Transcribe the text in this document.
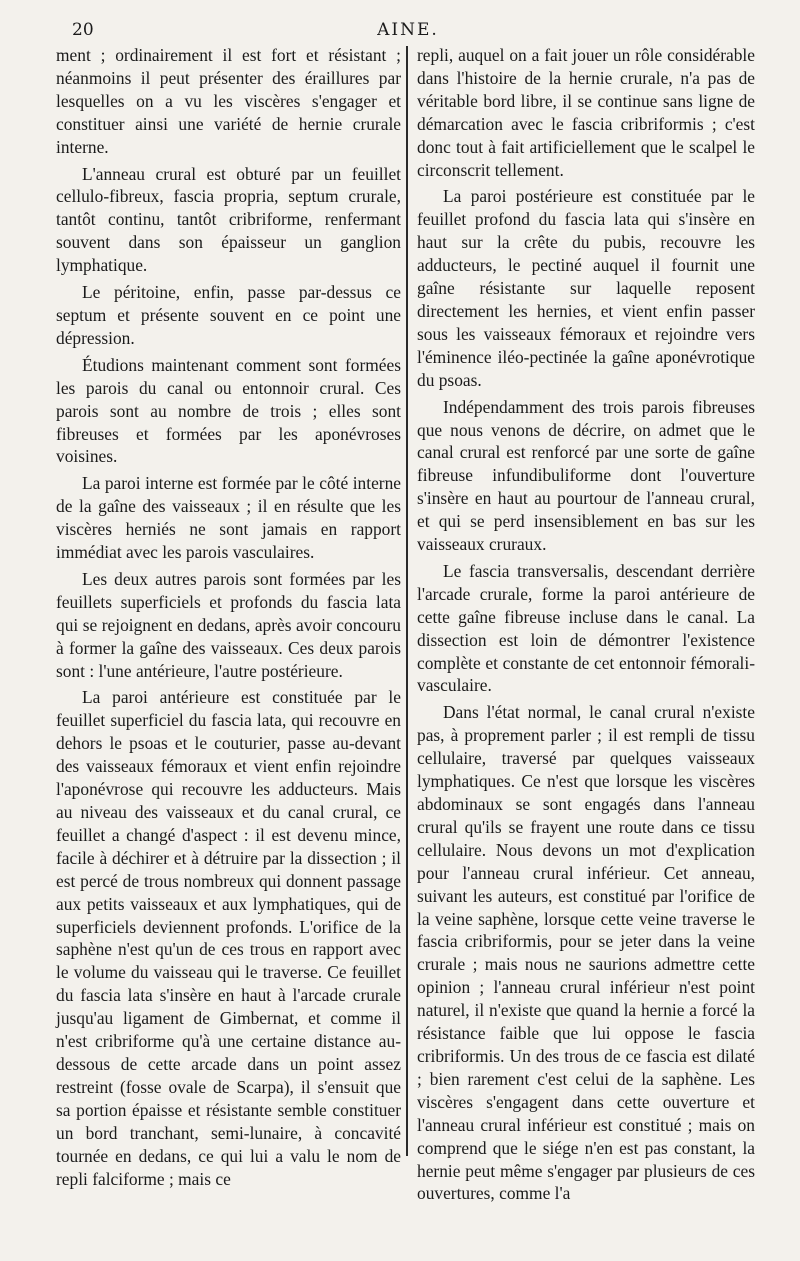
20	AINE.

ment ; ordinairement il est fort et résistant ; néanmoins il peut présenter des éraillures par lesquelles on a vu les viscères s'engager et constituer ainsi une variété de hernie crurale interne.

L'anneau crural est obturé par un feuillet cellulo-fibreux, fascia propria, septum crurale, tantôt continu, tantôt cribriforme, renfermant souvent dans son épaisseur un ganglion lymphatique.

Le péritoine, enfin, passe par-dessus ce septum et présente souvent en ce point une dépression.

Étudions maintenant comment sont formées les parois du canal ou entonnoir crural. Ces parois sont au nombre de trois ; elles sont fibreuses et formées par les aponévroses voisines.

La paroi interne est formée par le côté interne de la gaîne des vaisseaux ; il en résulte que les viscères herniés ne sont jamais en rapport immédiat avec les parois vasculaires.

Les deux autres parois sont formées par les feuillets superficiels et profonds du fascia lata qui se rejoignent en dedans, après avoir concouru à former la gaîne des vaisseaux. Ces deux parois sont : l'une antérieure, l'autre postérieure.

La paroi antérieure est constituée par le feuillet superficiel du fascia lata, qui recouvre en dehors le psoas et le couturier, passe au-devant des vaisseaux fémoraux et vient enfin rejoindre l'aponévrose qui recouvre les adducteurs. Mais au niveau des vaisseaux et du canal crural, ce feuillet a changé d'aspect : il est devenu mince, facile à déchirer et à détruire par la dissection ; il est percé de trous nombreux qui donnent passage aux petits vaisseaux et aux lymphatiques, qui de superficiels deviennent profonds. L'orifice de la saphène n'est qu'un de ces trous en rapport avec le volume du vaisseau qui le traverse. Ce feuillet du fascia lata s'insère en haut à l'arcade crurale jusqu'au ligament de Gimbernat, et comme il n'est cribriforme qu'à une certaine distance au-dessous de cette arcade dans un point assez restreint (fosse ovale de Scarpa), il s'ensuit que sa portion épaisse et résistante semble constituer un bord tranchant, semi-lunaire, à concavité tournée en dedans, ce qui lui a valu le nom de repli falciforme ; mais ce

repli, auquel on a fait jouer un rôle considérable dans l'histoire de la hernie crurale, n'a pas de véritable bord libre, il se continue sans ligne de démarcation avec le fascia cribriformis ; c'est donc tout à fait artificiellement que le scalpel le circonscrit tellement.

La paroi postérieure est constituée par le feuillet profond du fascia lata qui s'insère en haut sur la crête du pubis, recouvre les adducteurs, le pectiné auquel il fournit une gaîne résistante sur laquelle reposent directement les hernies, et vient enfin passer sous les vaisseaux fémoraux et rejoindre vers l'éminence iléo-pectinée la gaîne aponévrotique du psoas.

Indépendamment des trois parois fibreuses que nous venons de décrire, on admet que le canal crural est renforcé par une sorte de gaîne fibreuse infundibuliforme dont l'ouverture s'insère en haut au pourtour de l'anneau crural, et qui se perd insensiblement en bas sur les vaisseaux cruraux.

Le fascia transversalis, descendant derrière l'arcade crurale, forme la paroi antérieure de cette gaîne fibreuse incluse dans le canal. La dissection est loin de démontrer l'existence complète et constante de cet entonnoir fémorali-vasculaire.

Dans l'état normal, le canal crural n'existe pas, à proprement parler ; il est rempli de tissu cellulaire, traversé par quelques vaisseaux lymphatiques. Ce n'est que lorsque les viscères abdominaux se sont engagés dans l'anneau crural qu'ils se frayent une route dans ce tissu cellulaire. Nous devons un mot d'explication pour l'anneau crural inférieur. Cet anneau, suivant les auteurs, est constitué par l'orifice de la veine saphène, lorsque cette veine traverse le fascia cribriformis, pour se jeter dans la veine crurale ; mais nous ne saurions admettre cette opinion ; l'anneau crural inférieur n'est point naturel, il n'existe que quand la hernie a forcé la résistance faible que lui oppose le fascia cribriformis. Un des trous de ce fascia est dilaté ; bien rarement c'est celui de la saphène. Les viscères s'engagent dans cette ouverture et l'anneau crural inférieur est constitué ; mais on comprend que le siége n'en est pas constant, la hernie peut même s'engager par plusieurs de ces ouvertures, comme l'a
